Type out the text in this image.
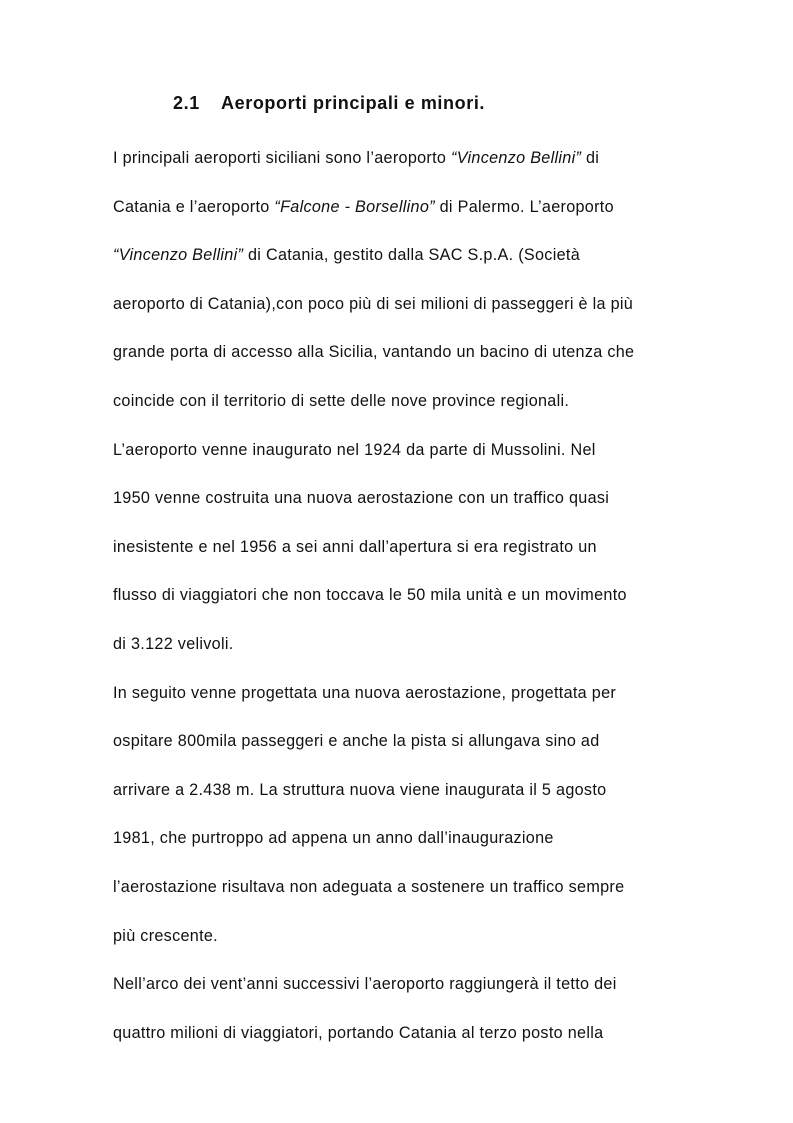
2.1 Aeroporti principali e minori.
I principali aeroporti siciliani sono l’aeroporto “Vincenzo Bellini” di
Catania e l’aeroporto “Falcone - Borsellino” di Palermo. L’aeroporto
“Vincenzo Bellini” di Catania, gestito dalla SAC S.p.A. (Società
aeroporto di Catania),con poco più di sei milioni di passeggeri è la più
grande porta di accesso alla Sicilia, vantando un bacino di utenza che
coincide con il territorio di sette delle nove province regionali.
L’aeroporto venne inaugurato nel 1924 da parte di Mussolini. Nel
1950 venne costruita una nuova aerostazione con un traffico quasi
inesistente e nel 1956 a sei anni dall’apertura si era registrato un
flusso di viaggiatori che non toccava le 50 mila unità e un movimento
di 3.122 velivoli.
In seguito venne progettata una nuova aerostazione, progettata per
ospitare 800mila passeggeri e anche la pista si allungava sino ad
arrivare a 2.438 m. La struttura nuova viene inaugurata il 5 agosto
1981, che purtroppo ad appena un anno dall’inaugurazione
l’aerostazione risultava non adeguata a sostenere un traffico sempre
più crescente.
Nell’arco dei vent’anni successivi l’aeroporto raggiungerà il tetto dei
quattro milioni di viaggiatori, portando Catania al terzo posto nella
